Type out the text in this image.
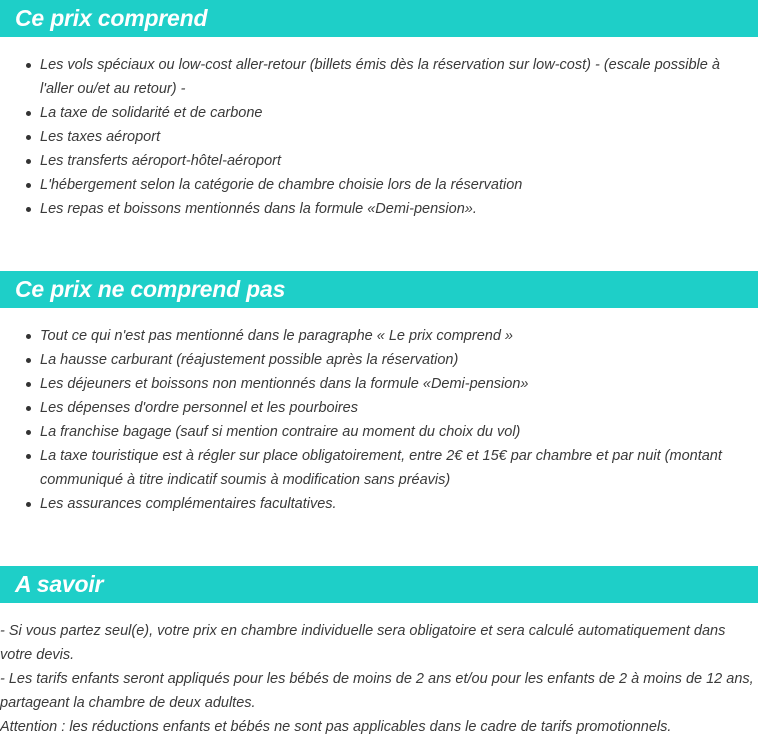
Ce prix comprend
Les vols spéciaux ou low-cost aller-retour (billets émis dès la réservation sur low-cost) - (escale possible à l'aller ou/et au retour) -
La taxe de solidarité et de carbone
Les taxes aéroport
Les transferts aéroport-hôtel-aéroport
L'hébergement selon la catégorie de chambre choisie lors de la réservation
Les repas et boissons mentionnés dans la formule «Demi-pension».
Ce prix ne comprend pas
Tout ce qui n'est pas mentionné dans le paragraphe « Le prix comprend »
La hausse carburant (réajustement possible après la réservation)
Les déjeuners et boissons non mentionnés dans la formule «Demi-pension»
Les dépenses d'ordre personnel et les pourboires
La franchise bagage (sauf si mention contraire au moment du choix du vol)
La taxe touristique est à régler sur place obligatoirement, entre 2€ et 15€ par chambre et par nuit (montant communiqué à titre indicatif soumis à modification sans préavis)
Les assurances complémentaires facultatives.
A savoir

- Si vous partez seul(e), votre prix en chambre individuelle sera obligatoire et sera calculé automatiquement dans votre devis.

- Les tarifs enfants seront appliqués pour les bébés de moins de 2 ans et/ou pour les enfants de 2 à moins de 12 ans, partageant la chambre de deux adultes.

Attention : les réductions enfants et bébés ne sont pas applicables dans le cadre de tarifs promotionnels.
